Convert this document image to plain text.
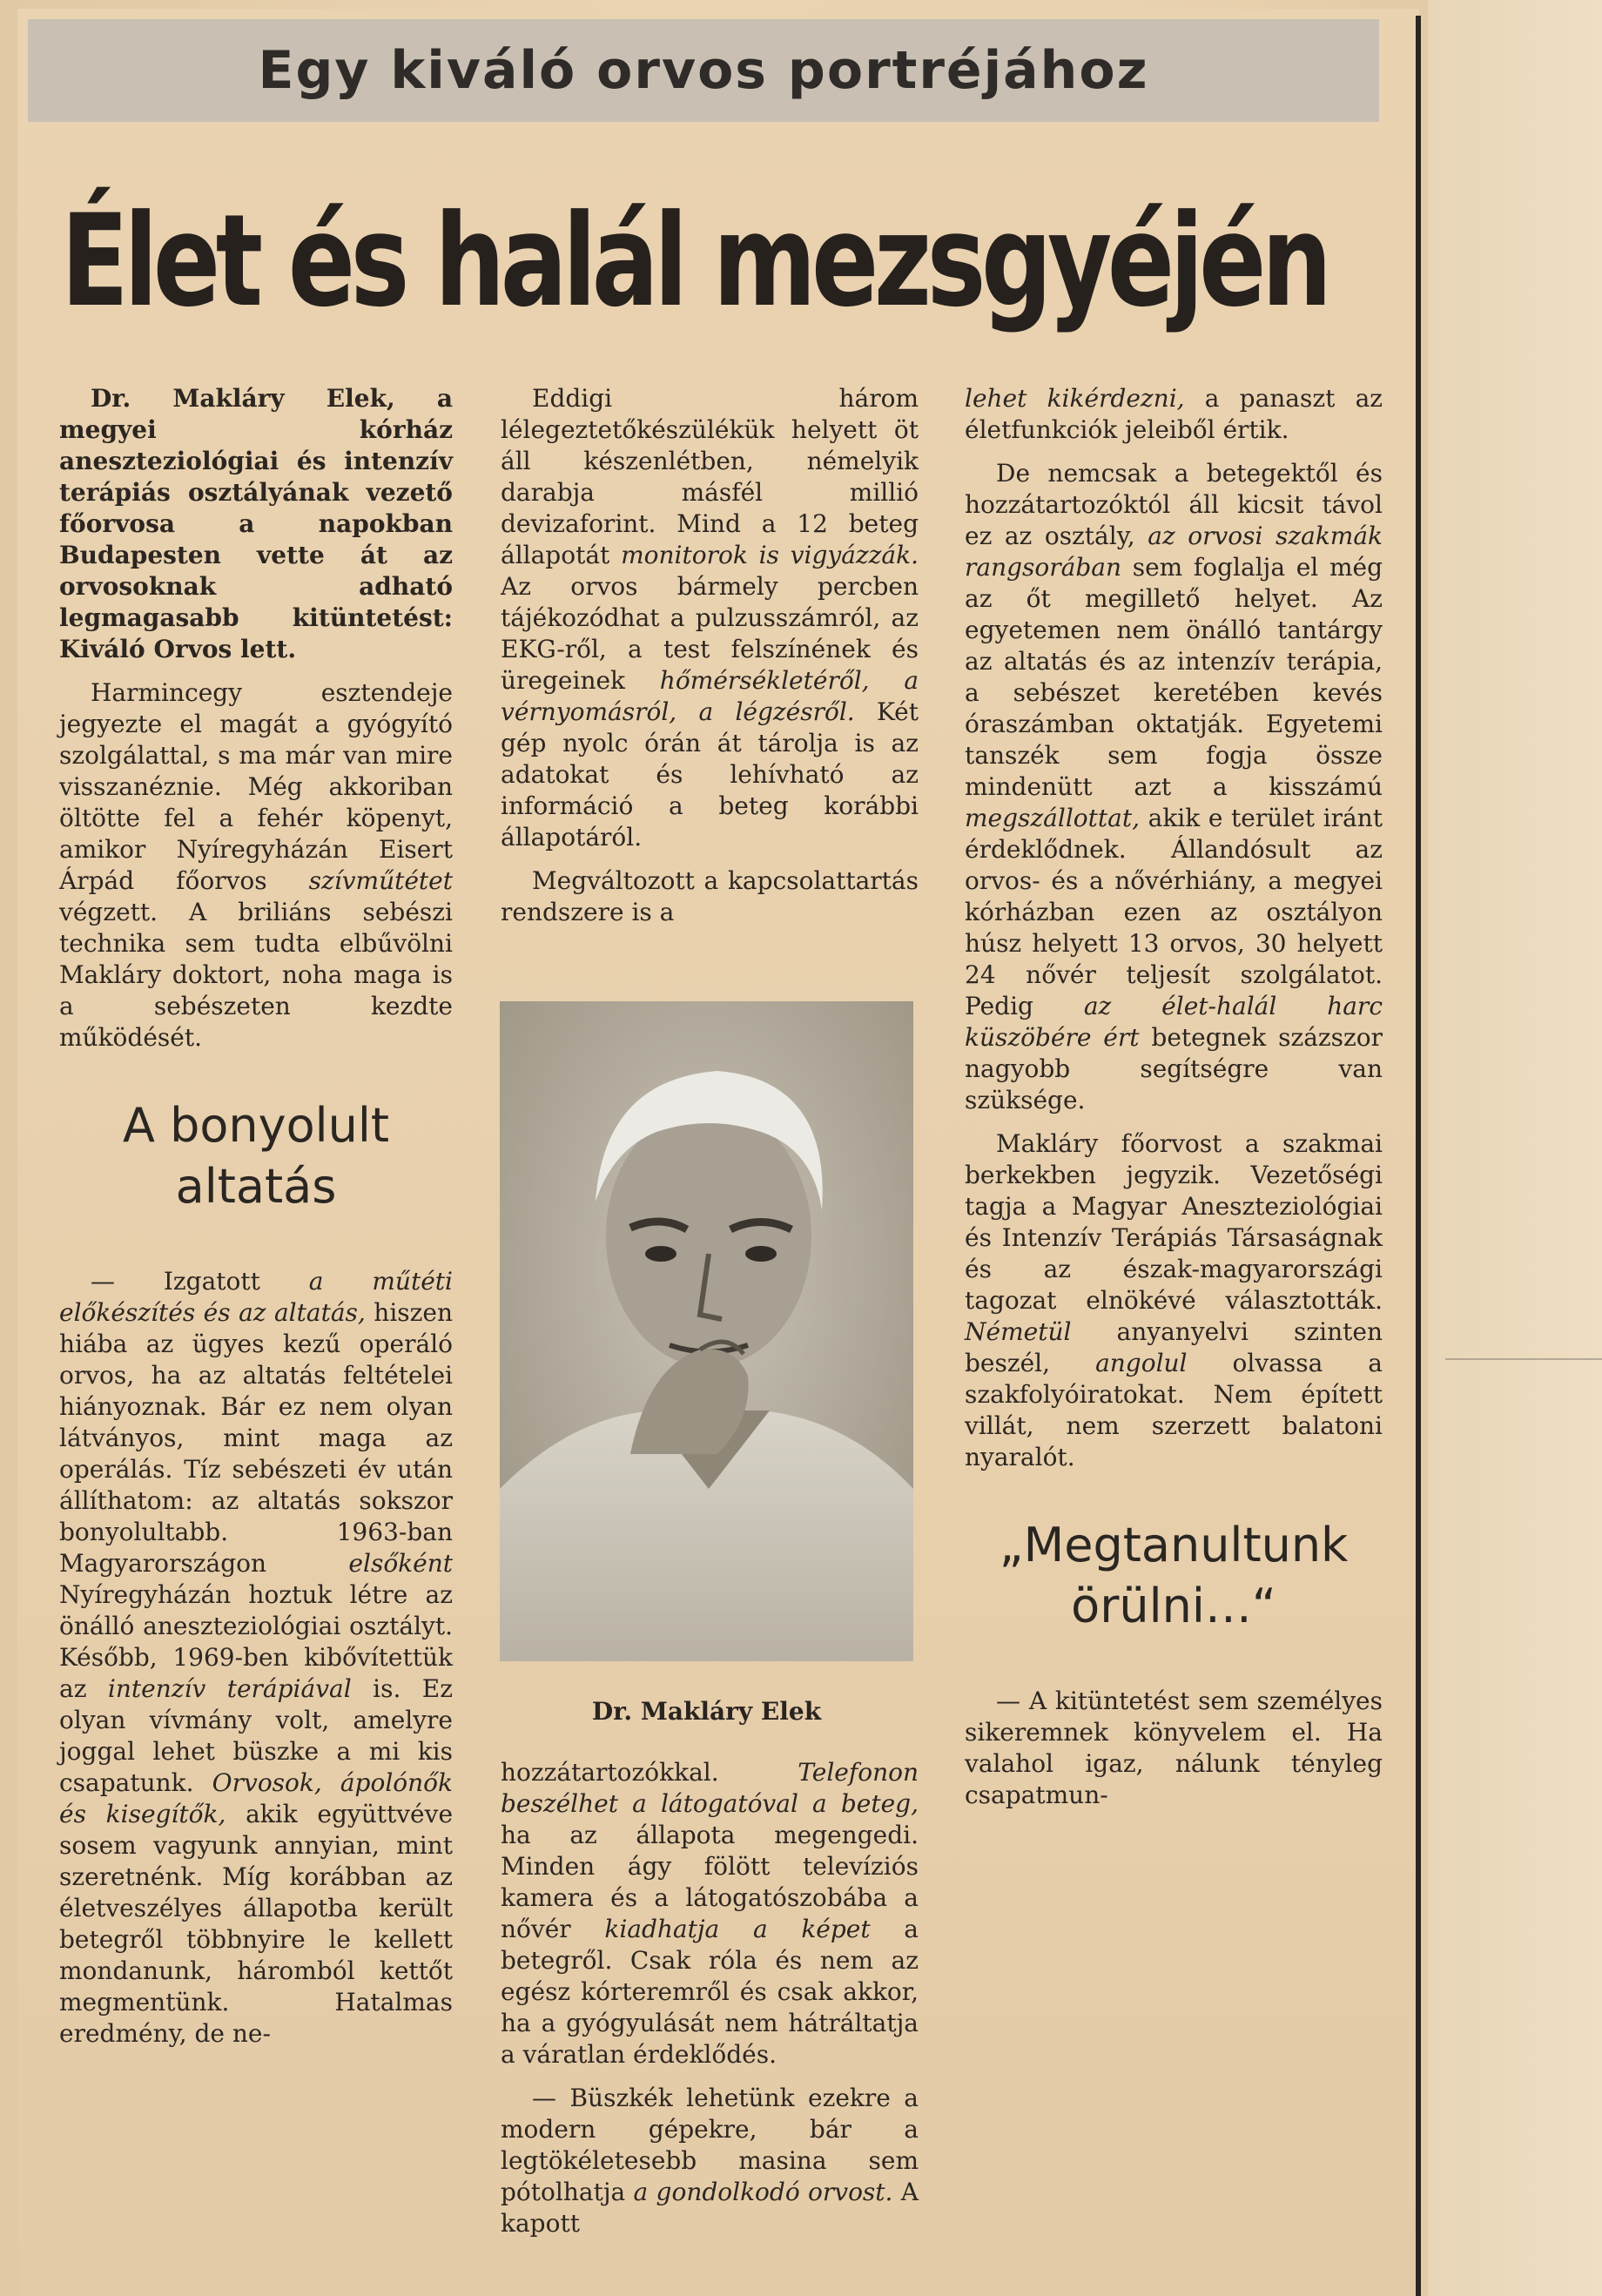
Egy kiváló orvos portréjához
Élet és halál mezsgyéjén

Dr. Makláry Elek, a megyei kórház aneszteziológiai és intenzív terápiás osztályának vezető főorvosa a napokban Budapesten vette át az orvosoknak adható legmagasabb kitüntetést: Kiváló Orvos lett.

Harmincegy esztendeje jegyezte el magát a gyógyító szolgálattal, s ma már van mire visszanéznie. Még akkoriban öltötte fel a fehér köpenyt, amikor Nyíregyházán Eisert Árpád főorvos szívműtétet végzett. A briliáns sebészi technika sem tudta elbűvölni Makláry doktort, noha maga is a sebészeten kezdte működését.

A bonyolult altatás

— Izgatott a műtéti előkészítés és az altatás, hiszen hiába az ügyes kezű operáló orvos, ha az altatás feltételei hiányoznak. Bár ez nem olyan látványos, mint maga az operálás. Tíz sebészeti év után állíthatom: az altatás sokszor bonyolultabb. 1963-ban Magyarországon	elsőként Nyíregyházán hoztuk létre az önálló aneszteziológiai osztályt. Később, 1969-ben kibővítettük az intenzív terápiával is. Ez olyan vívmány volt, amelyre joggal lehet büszke a mi kis csapatunk. Orvosok, ápolónők és kisegítők, akik együttvéve sosem vagyunk annyian, mint szeretnénk. Míg korábban az életveszélyes állapotba került betegről többnyire le kellett mondanunk, háromból kettőt megmentünk. Hatalmas eredmény, de ne-

Eddigi három lélegeztetőkészülékük helyett öt áll készenlétben, némelyik darabja másfél millió devizaforint. Mind a 12 beteg állapotát monitorok is vigyázzák. Az orvos bármely percben tájékozódhat a pulzusszámról, az EKG-ről, a test felszínének és üregeinek hőmérsékletéről, a vérnyomásról, a légzésről. Két gép nyolc órán át tárolja is az adatokat és lehívható az információ a beteg korábbi állapotáról.

Megváltozott a kapcsolattartás rendszere is a

Dr. Makláry Elek

hozzátartozókkal.	Telefonon beszélhet a látogatóval a beteg, ha az állapota megengedi. Minden ágy fölött televíziós kamera és a látogatószobába a nővér kiadhatja a képet a betegről. Csak róla és nem az egész kórteremről és csak akkor, ha a gyógyulását nem hátráltatja a váratlan érdeklődés.

— Büszkék lehetünk ezekre a modern gépekre, bár a legtökéletesebb masina sem pótolhatja a gondolkodó orvost. A kapott

lehet kikérdezni, a panaszt az életfunkciók jeleiből értik.

De nemcsak a betegektől és hozzátartozóktól áll kicsit távol ez az osztály, az orvosi szakmák rangsorában sem foglalja el még az őt megillető helyet. Az egyetemen nem önálló tantárgy az altatás és az intenzív terápia, a sebészet keretében kevés óraszámban oktatják. Egyetemi tanszék sem fogja össze mindenütt azt a kisszámú megszállottat, akik e terület iránt érdeklődnek. Állandósult az orvos- és a nővérhiány, a megyei kórházban ezen az osztályon húsz helyett 13 orvos, 30 helyett 24 nővér teljesít szolgálatot. Pedig az élet-halál harc küszöbére ért betegnek százszor nagyobb segítségre van szüksége.

Makláry főorvost a szakmai berkekben jegyzik. Vezetőségi tagja a Magyar Aneszteziológiai és Intenzív Terápiás Társaságnak és az észak-magyarországi tagozat elnökévé választották. Németül anyanyelvi szinten beszél, angolul olvassa a szakfolyóiratokat. Nem épített villát, nem szerzett balatoni nyaralót.

„Megtanultunk örülni…“

— A kitüntetést sem személyes sikeremnek könyvelem el. Ha valahol igaz, nálunk tényleg csapatmun-
